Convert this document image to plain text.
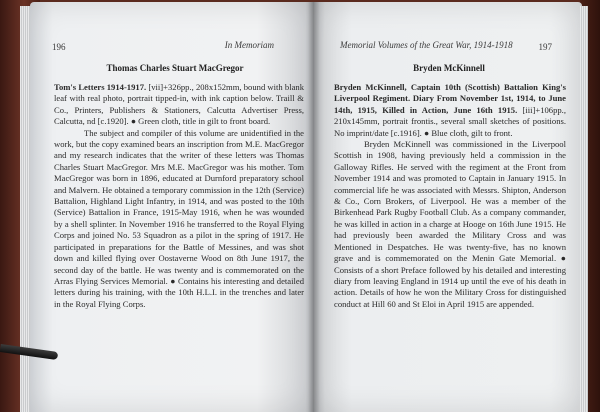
196	In Memoriam
Thomas Charles Stuart MacGregor

Tom's Letters 1914-1917. [vii]+326pp., 208x152mm, bound with blank leaf with real photo, portrait tipped-in, with ink caption below. Traill & Co., Printers, Publishers & Stationers, Calcutta Advertiser Press, Calcutta, nd [c.1920]. ● Green cloth, title in gilt to front board.

The subject and compiler of this volume are unidentified in the work, but the copy examined bears an inscription from M.E. MacGregor and my research indicates that the writer of these letters was Thomas Charles Stuart MacGregor. Mrs M.E. MacGregor was his mother. Tom MacGregor was born in 1896, educated at Durnford preparatory school and Malvern. He obtained a temporary commission in the 12th (Service) Battalion, Highland Light Infantry, in 1914, and was posted to the 10th (Service) Battalion in France, 1915-May 1916, when he was wounded by a shell splinter. In November 1916 he transferred to the Royal Flying Corps and joined No. 53 Squadron as a pilot in the spring of 1917. He participated in preparations for the Battle of Messines, and was shot down and killed flying over Oostaverne Wood on 8th June 1917, the second day of the battle. He was twenty and is commemorated on the Arras Flying Services Memorial. ● Contains his interesting and detailed letters during his training, with the 10th H.L.I. in the trenches and later in the Royal Flying Corps.

Memorial Volumes of the Great War, 1914-1918	197
Bryden McKinnell

Bryden McKinnell, Captain 10th (Scottish) Battalion King's Liverpool Regiment. Diary From November 1st, 1914, to June 14th, 1915, Killed in Action, June 16th 1915. [iii]+106pp., 210x145mm, portrait frontis., several small sketches of positions. No imprint/date [c.1916]. ● Blue cloth, gilt to front.

Bryden McKinnell was commissioned in the Liverpool Scottish in 1908, having previously held a commission in the Galloway Rifles. He served with the regiment at the Front from November 1914 and was promoted to Captain in January 1915. In commercial life he was associated with Messrs. Shipton, Anderson & Co., Corn Brokers, of Liverpool. He was a member of the Birkenhead Park Rugby Football Club. As a company commander, he was killed in action in a charge at Hooge on 16th June 1915. He had previously been awarded the Military Cross and was Mentioned in Despatches. He was twenty-five, has no known grave and is commemorated on the Menin Gate Memorial. ● Consists of a short Preface followed by his detailed and interesting diary from leaving England in 1914 up until the eve of his death in action. Details of how he won the Military Cross for distinguished conduct at Hill 60 and St Eloi in April 1915 are appended.
